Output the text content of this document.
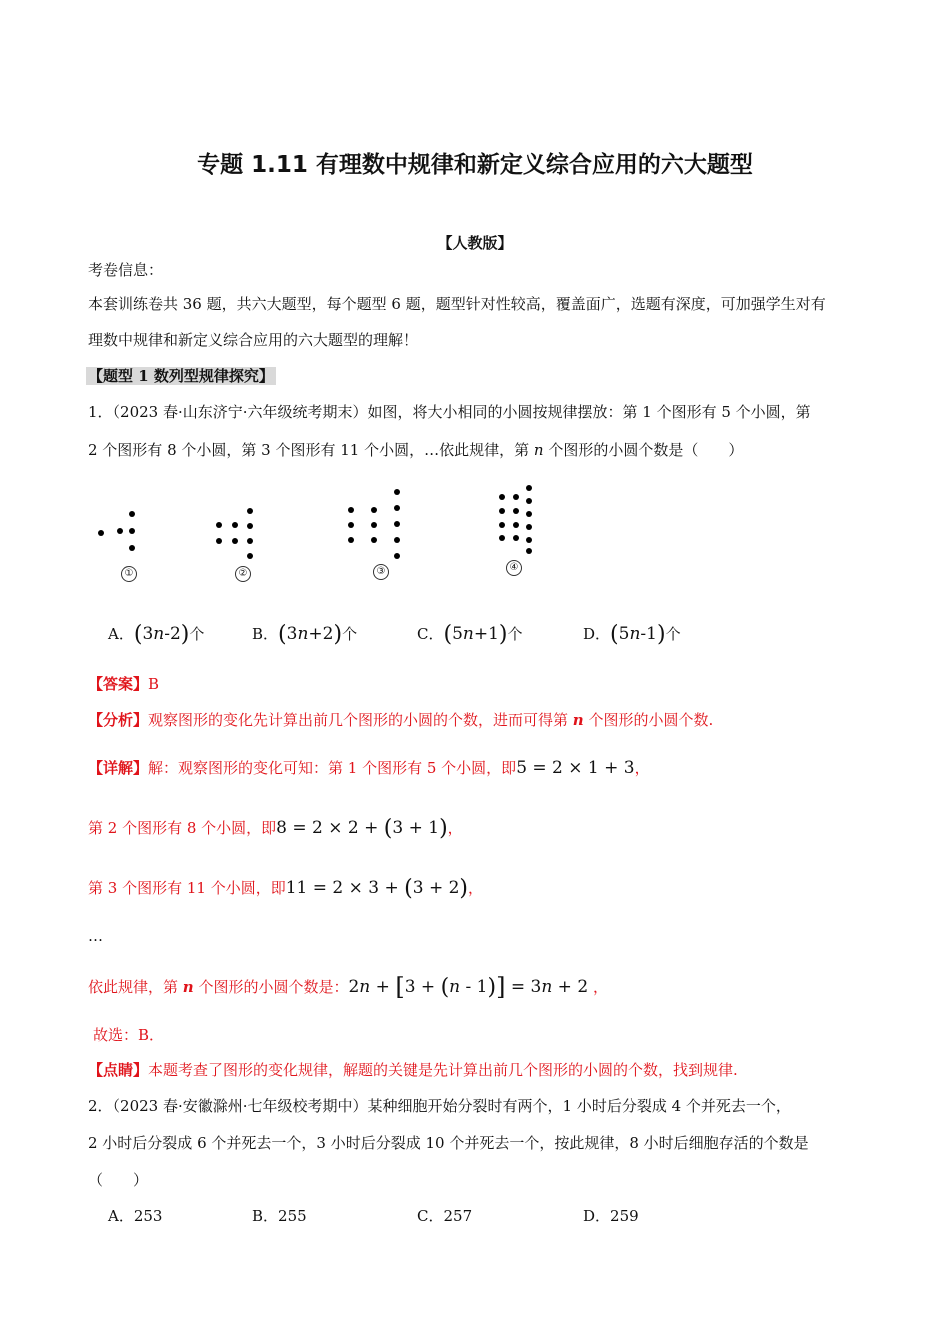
专题 1.11 有理数中规律和新定义综合应用的六大题型
【人教版】
考卷信息：
本套训练卷共 36 题，共六大题型，每个题型 6 题，题型针对性较高，覆盖面广，选题有深度，可加强学生对有
理数中规律和新定义综合应用的六大题型的理解！
【题型 1 数列型规律探究】
1．（2023 春·山东济宁·六年级统考期末）如图，将大小相同的小圆按规律摆放：第 1 个图形有 5 个小圆，第
2 个图形有 8 个小圆，第 3 个图形有 11 个小圆，…依此规律，第 n 个图形的小圆个数是（　　）
①	②	③	④
A．(3n-2)个	B．(3n+2)个	C．(5n+1)个	D．(5n-1)个
【答案】B
【分析】观察图形的变化先计算出前几个图形的小圆的个数，进而可得第 n 个图形的小圆个数.
【详解】解：观察图形的变化可知：第 1 个图形有 5 个小圆，即5 = 2 × 1 + 3，
第 2 个图形有 8 个小圆，即8 = 2 × 2 + (3 + 1)，
第 3 个图形有 11 个小圆，即11 = 2 × 3 + (3 + 2)，
…
依此规律，第 n 个图形的小圆个数是：2n + [3 + (n - 1)] = 3n + 2 ，
故选：B．
【点睛】本题考查了图形的变化规律，解题的关键是先计算出前几个图形的小圆的个数，找到规律.
2．（2023 春·安徽滁州·七年级校考期中）某种细胞开始分裂时有两个，1 小时后分裂成 4 个并死去一个，
2 小时后分裂成 6 个并死去一个，3 小时后分裂成 10 个并死去一个，按此规律，8 小时后细胞存活的个数是
（　　）
A．253	B．255	C．257	D．259
